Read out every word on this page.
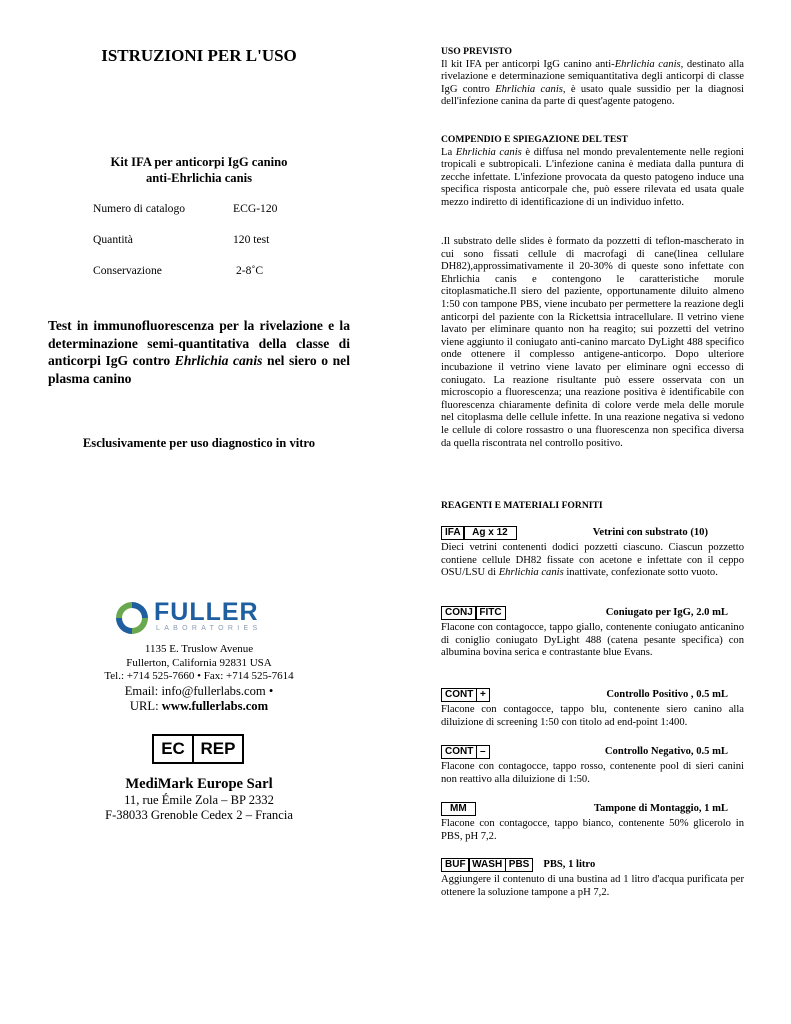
ISTRUZIONI PER L'USO
Kit IFA per anticorpi IgG canino
anti-Ehrlichia canis
Numero di catalogo	ECG-120
Quantità	120 test
Conservazione	2-8˚C
Test in immunofluorescenza per la rivelazione e la determinazione semi-quantitativa della classe di anticorpi IgG contro Ehrlichia canis nel siero o nel plasma canino
Esclusivamente per uso diagnostico in vitro
FULLER
LABORATORIES
1135 E. Truslow Avenue
Fullerton, California 92831 USA
Tel.: +714 525-7660 • Fax: +714 525-7614
Email: info@fullerlabs.com •
URL: www.fullerlabs.com
EC REP
MediMark Europe Sarl
11, rue Émile Zola – BP 2332
F-38033 Grenoble Cedex 2 – Francia

USO PREVISTO

Il kit IFA per anticorpi IgG canino anti-Ehrlichia canis, destinato alla rivelazione e determinazione semiquantitativa degli anticorpi di classe IgG contro Ehrlichia canis, è usato quale sussidio per la diagnosi dell'infezione canina da parte di quest'agente patogeno.

COMPENDIO E SPIEGAZIONE DEL TEST

La Ehrlichia canis è diffusa nel mondo prevalentemente nelle regioni tropicali e subtropicali. L'infezione canina è mediata dalla puntura di zecche infettate. L'infezione provocata da questo patogeno induce una specifica risposta anticorpale che, può essere rilevata ed usata quale mezzo indiretto di identificazione di un individuo infetto.

.Il substrato delle slides è formato da pozzetti di teflon-mascherato in cui sono fissati cellule di macrofagi di cane(linea cellulare DH82),approssimativamente il 20-30% di queste sono infettate con Ehrlichia canis e contengono le caratteristiche morule citoplasmatiche.Il siero del paziente, opportunamente diluito almeno 1:50 con tampone PBS, viene incubato per permettere la reazione degli anticorpi del paziente con la Rickettsia intracellulare. Il vetrino viene lavato per eliminare quanto non ha reagito; sui pozzetti del vetrino viene aggiunto il coniugato anti-canino marcato DyLight 488 specifico onde ottenere il complesso antigene-anticorpo. Dopo ulteriore incubazione il vetrino viene lavato per eliminare ogni eccesso di coniugato. La reazione risultante può essere osservata con un microscopio a fluorescenza; una reazione positiva è identificabile con fluorescenza chiaramente definita di colore verde mela delle morule nel citoplasma delle cellule infette. In una reazione negativa si vedono le cellule di colore rossastro o una fluorescenza non specifica diversa da quella riscontrata nel controllo positivo.

REAGENTI E MATERIALI FORNITI

IFA	Ag x 12	Vetrini con substrato (10)

Dieci vetrini contenenti dodici pozzetti ciascuno. Ciascun pozzetto contiene cellule DH82 fissate con acetone e infettate con il ceppo OSU/LSU di Ehrlichia canis inattivate, confezionate sotto vuoto.

CONJ FITC	Coniugato per IgG, 2.0 mL

Flacone con contagocce, tappo giallo, contenente coniugato anticanino di coniglio coniugato DyLight 488 (catena pesante specifica) con albumina bovina serica e contrastante blue Evans.

CONT +	Controllo Positivo , 0.5 mL

Flacone con contagocce, tappo blu, contenente siero canino alla diluizione di screening 1:50 con titolo ad end-point 1:400.

CONT –	Controllo Negativo, 0.5 mL

Flacone con contagocce, tappo rosso, contenente pool di sieri canini non reattivo alla diluizione di 1:50.

MM	Tampone di Montaggio, 1 mL

Flacone con contagocce, tappo bianco, contenente 50% glicerolo in PBS, pH 7,2.

BUF WASH PBS	PBS, 1 litro

Aggiungere il contenuto di una bustina ad 1 litro d'acqua purificata per ottenere la soluzione tampone a pH 7,2.
